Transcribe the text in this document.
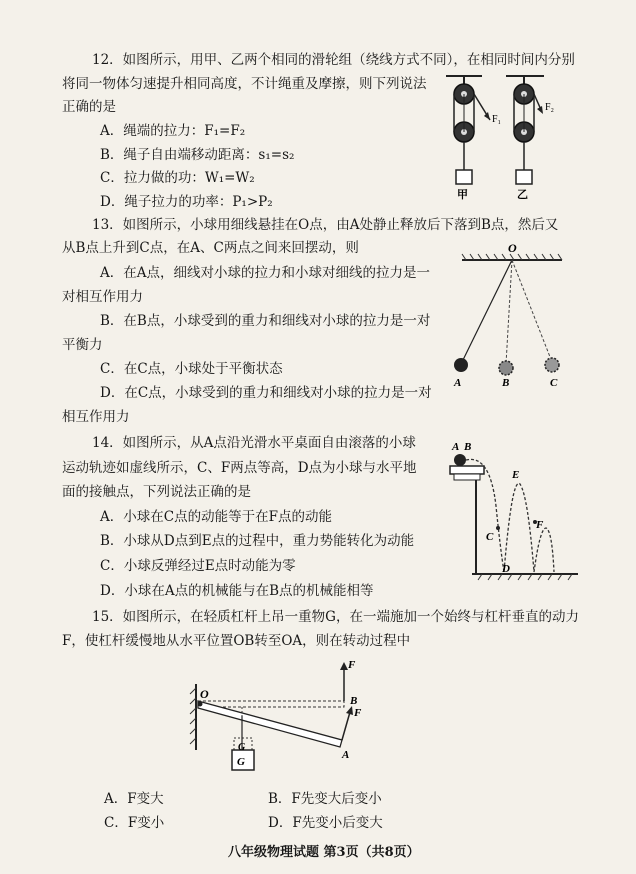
12．如图所示，用甲、乙两个相同的滑轮组（绕线方式不同），在相同时间内分别
将同一物体匀速提升相同高度，不计绳重及摩擦，则下列说法
正确的是
A．绳端的拉力：F₁=F₂
B．绳子自由端移动距离：s₁=s₂
C．拉力做的功：W₁=W₂
D．绳子拉力的功率：P₁>P₂
F₁
F₂
甲	乙
13．如图所示，小球用细线悬挂在O点，由A处静止释放后下落到B点，然后又
从B点上升到C点，在A、C两点之间来回摆动，则
A．在A点，细线对小球的拉力和小球对细线的拉力是一
对相互作用力
B．在B点，小球受到的重力和细线对小球的拉力是一对
平衡力
C．在C点，小球处于平衡状态
D．在C点，小球受到的重力和细线对小球的拉力是一对
相互作用力
O
A	B	C
14．如图所示，从A点沿光滑水平桌面自由滚落的小球
运动轨迹如虚线所示，C、F两点等高，D点为小球与水平地
面的接触点，下列说法正确的是
A．小球在C点的动能等于在F点的动能
B．小球从D点到E点的过程中，重力势能转化为动能
C．小球反弹经过E点时动能为零
D．小球在A点的机械能与在B点的机械能相等
A B
C
D
E
F
15．如图所示，在轻质杠杆上吊一重物G，在一端施加一个始终与杠杆垂直的动力
F，使杠杆缓慢地从水平位置OB转至OA，则在转动过程中
O	B
A
F
F
G
G
A．F变大	B．F先变大后变小
C．F变小	D．F先变小后变大
八年级物理试题 第3页（共8页）
